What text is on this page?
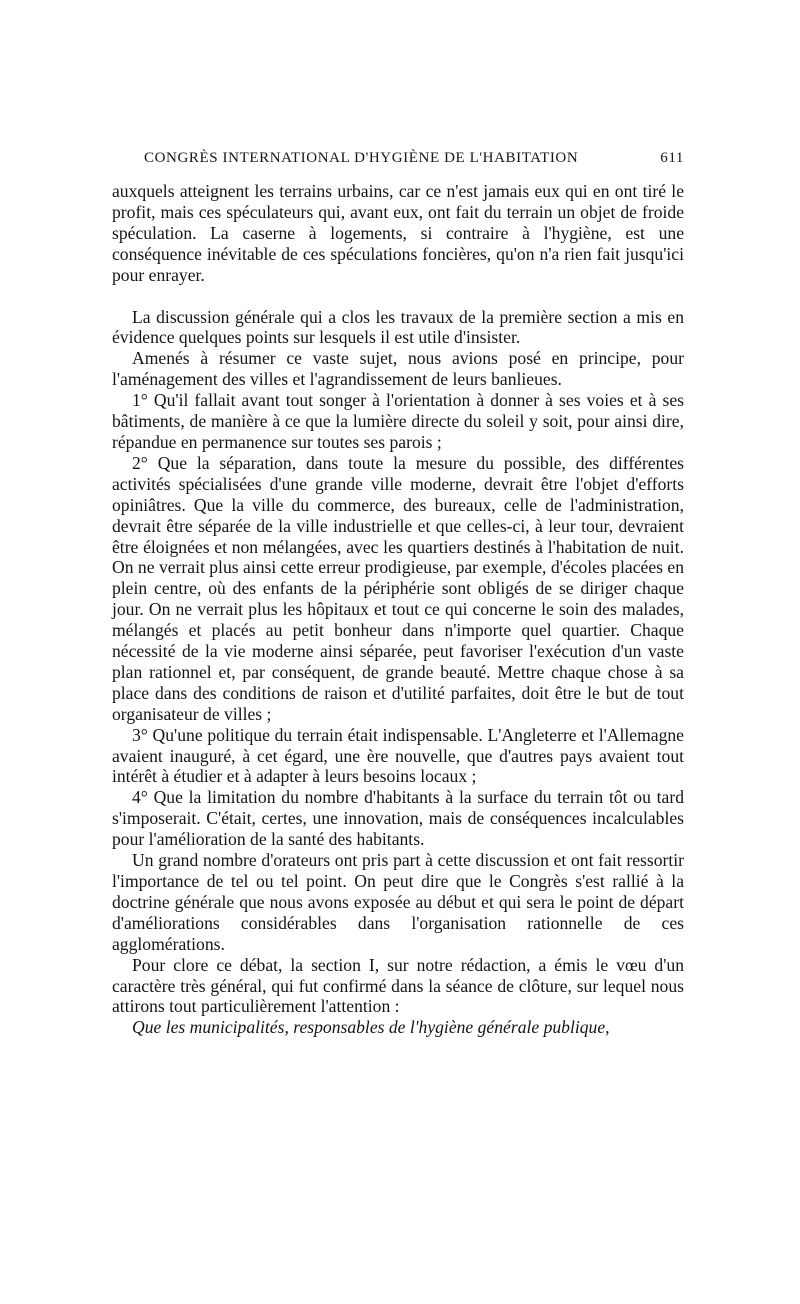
CONGRÈS INTERNATIONAL D'HYGIÈNE DE L'HABITATION	611

auxquels atteignent les terrains urbains, car ce n'est jamais eux qui en ont tiré le profit, mais ces spéculateurs qui, avant eux, ont fait du terrain un objet de froide spéculation. La caserne à logements, si contraire à l'hygiène, est une conséquence inévitable de ces spéculations foncières, qu'on n'a rien fait jusqu'ici pour enrayer.

La discussion générale qui a clos les travaux de la première section a mis en évidence quelques points sur lesquels il est utile d'insister.

Amenés à résumer ce vaste sujet, nous avions posé en principe, pour l'aménagement des villes et l'agrandissement de leurs banlieues.

1° Qu'il fallait avant tout songer à l'orientation à donner à ses voies et à ses bâtiments, de manière à ce que la lumière directe du soleil y soit, pour ainsi dire, répandue en permanence sur toutes ses parois ;

2° Que la séparation, dans toute la mesure du possible, des différentes activités spécialisées d'une grande ville moderne, devrait être l'objet d'efforts opiniâtres. Que la ville du commerce, des bureaux, celle de l'administration, devrait être séparée de la ville industrielle et que celles-ci, à leur tour, devraient être éloignées et non mélangées, avec les quartiers destinés à l'habitation de nuit. On ne verrait plus ainsi cette erreur prodigieuse, par exemple, d'écoles placées en plein centre, où des enfants de la périphérie sont obligés de se diriger chaque jour. On ne verrait plus les hôpitaux et tout ce qui concerne le soin des malades, mélangés et placés au petit bonheur dans n'importe quel quartier. Chaque nécessité de la vie moderne ainsi séparée, peut favoriser l'exécution d'un vaste plan rationnel et, par conséquent, de grande beauté. Mettre chaque chose à sa place dans des conditions de raison et d'utilité parfaites, doit être le but de tout organisateur de villes ;

3° Qu'une politique du terrain était indispensable. L'Angleterre et l'Allemagne avaient inauguré, à cet égard, une ère nouvelle, que d'autres pays avaient tout intérêt à étudier et à adapter à leurs besoins locaux ;

4° Que la limitation du nombre d'habitants à la surface du terrain tôt ou tard s'imposerait. C'était, certes, une innovation, mais de conséquences incalculables pour l'amélioration de la santé des habitants.

Un grand nombre d'orateurs ont pris part à cette discussion et ont fait ressortir l'importance de tel ou tel point. On peut dire que le Congrès s'est rallié à la doctrine générale que nous avons exposée au début et qui sera le point de départ d'améliorations considérables dans l'organisation rationnelle de ces agglomérations.

Pour clore ce débat, la section I, sur notre rédaction, a émis le vœu d'un caractère très général, qui fut confirmé dans la séance de clôture, sur lequel nous attirons tout particulièrement l'attention :

Que les municipalités, responsables de l'hygiène générale publique,
